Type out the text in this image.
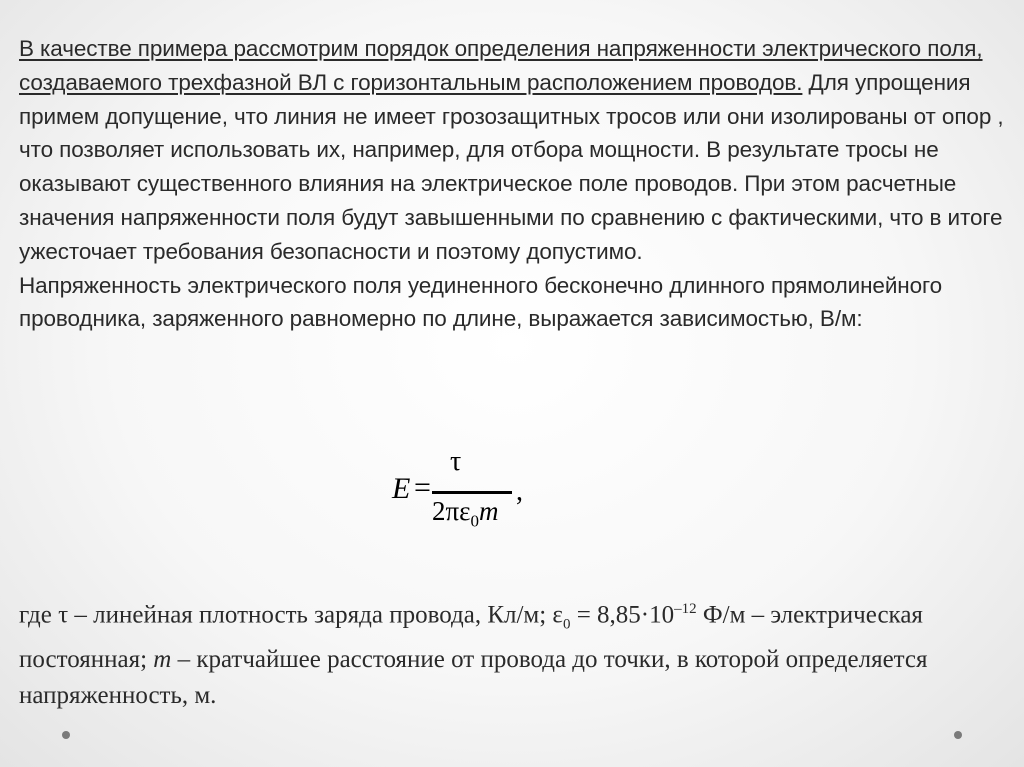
В качестве примера рассмотрим порядок определения напряженности электрического поля, создаваемого трехфазной ВЛ с горизонтальным расположением проводов. Для упрощения примем допущение, что линия не имеет грозозащитных тросов или они изолированы от опор , что позволяет использовать их, например, для отбора мощности. В результате тросы не оказывают существенного влияния на электрическое поле проводов. При этом расчетные значения напряженности поля будут завышенными по сравнению с фактическими, что в итоге ужесточает требования безопасности и поэтому допустимо.

Напряженность электрического поля уединенного бесконечно длинного прямолинейного проводника, заряженного равномерно по длине, выражается зависимостью, В/м:

E =
τ
$2\pi\varepsilon_0m$
,
где τ – линейная плотность заряда провода, Кл/м; $\varepsilon_0 = 8,85\cdot 10^{-12}$ Ф/м – электрическая постоянная; m – кратчайшее расстояние от провода до точки, в которой определяется напряженность, м.
